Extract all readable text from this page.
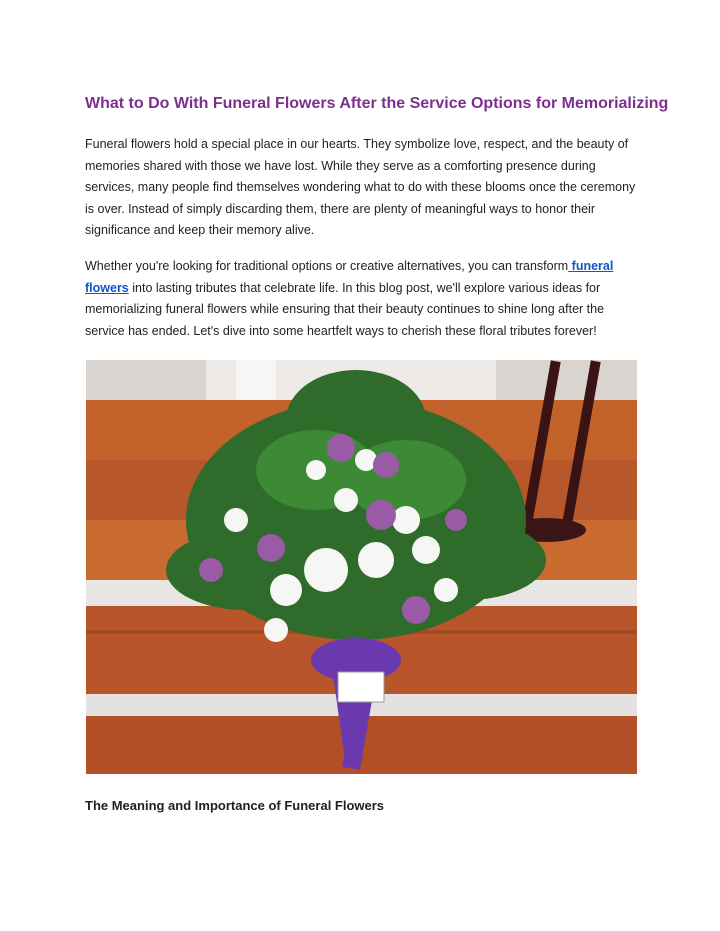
What to Do With Funeral Flowers After the Service Options for Memorializing

Funeral flowers hold a special place in our hearts. They symbolize love, respect, and the beauty of memories shared with those we have lost. While they serve as a comforting presence during services, many people find themselves wondering what to do with these blooms once the ceremony is over. Instead of simply discarding them, there are plenty of meaningful ways to honor their significance and keep their memory alive.

Whether you're looking for traditional options or creative alternatives, you can transform funeral flowers into lasting tributes that celebrate life. In this blog post, we'll explore various ideas for memorializing funeral flowers while ensuring that their beauty continues to shine long after the service has ended. Let's dive into some heartfelt ways to cherish these floral tributes forever!

The Meaning and Importance of Funeral Flowers
